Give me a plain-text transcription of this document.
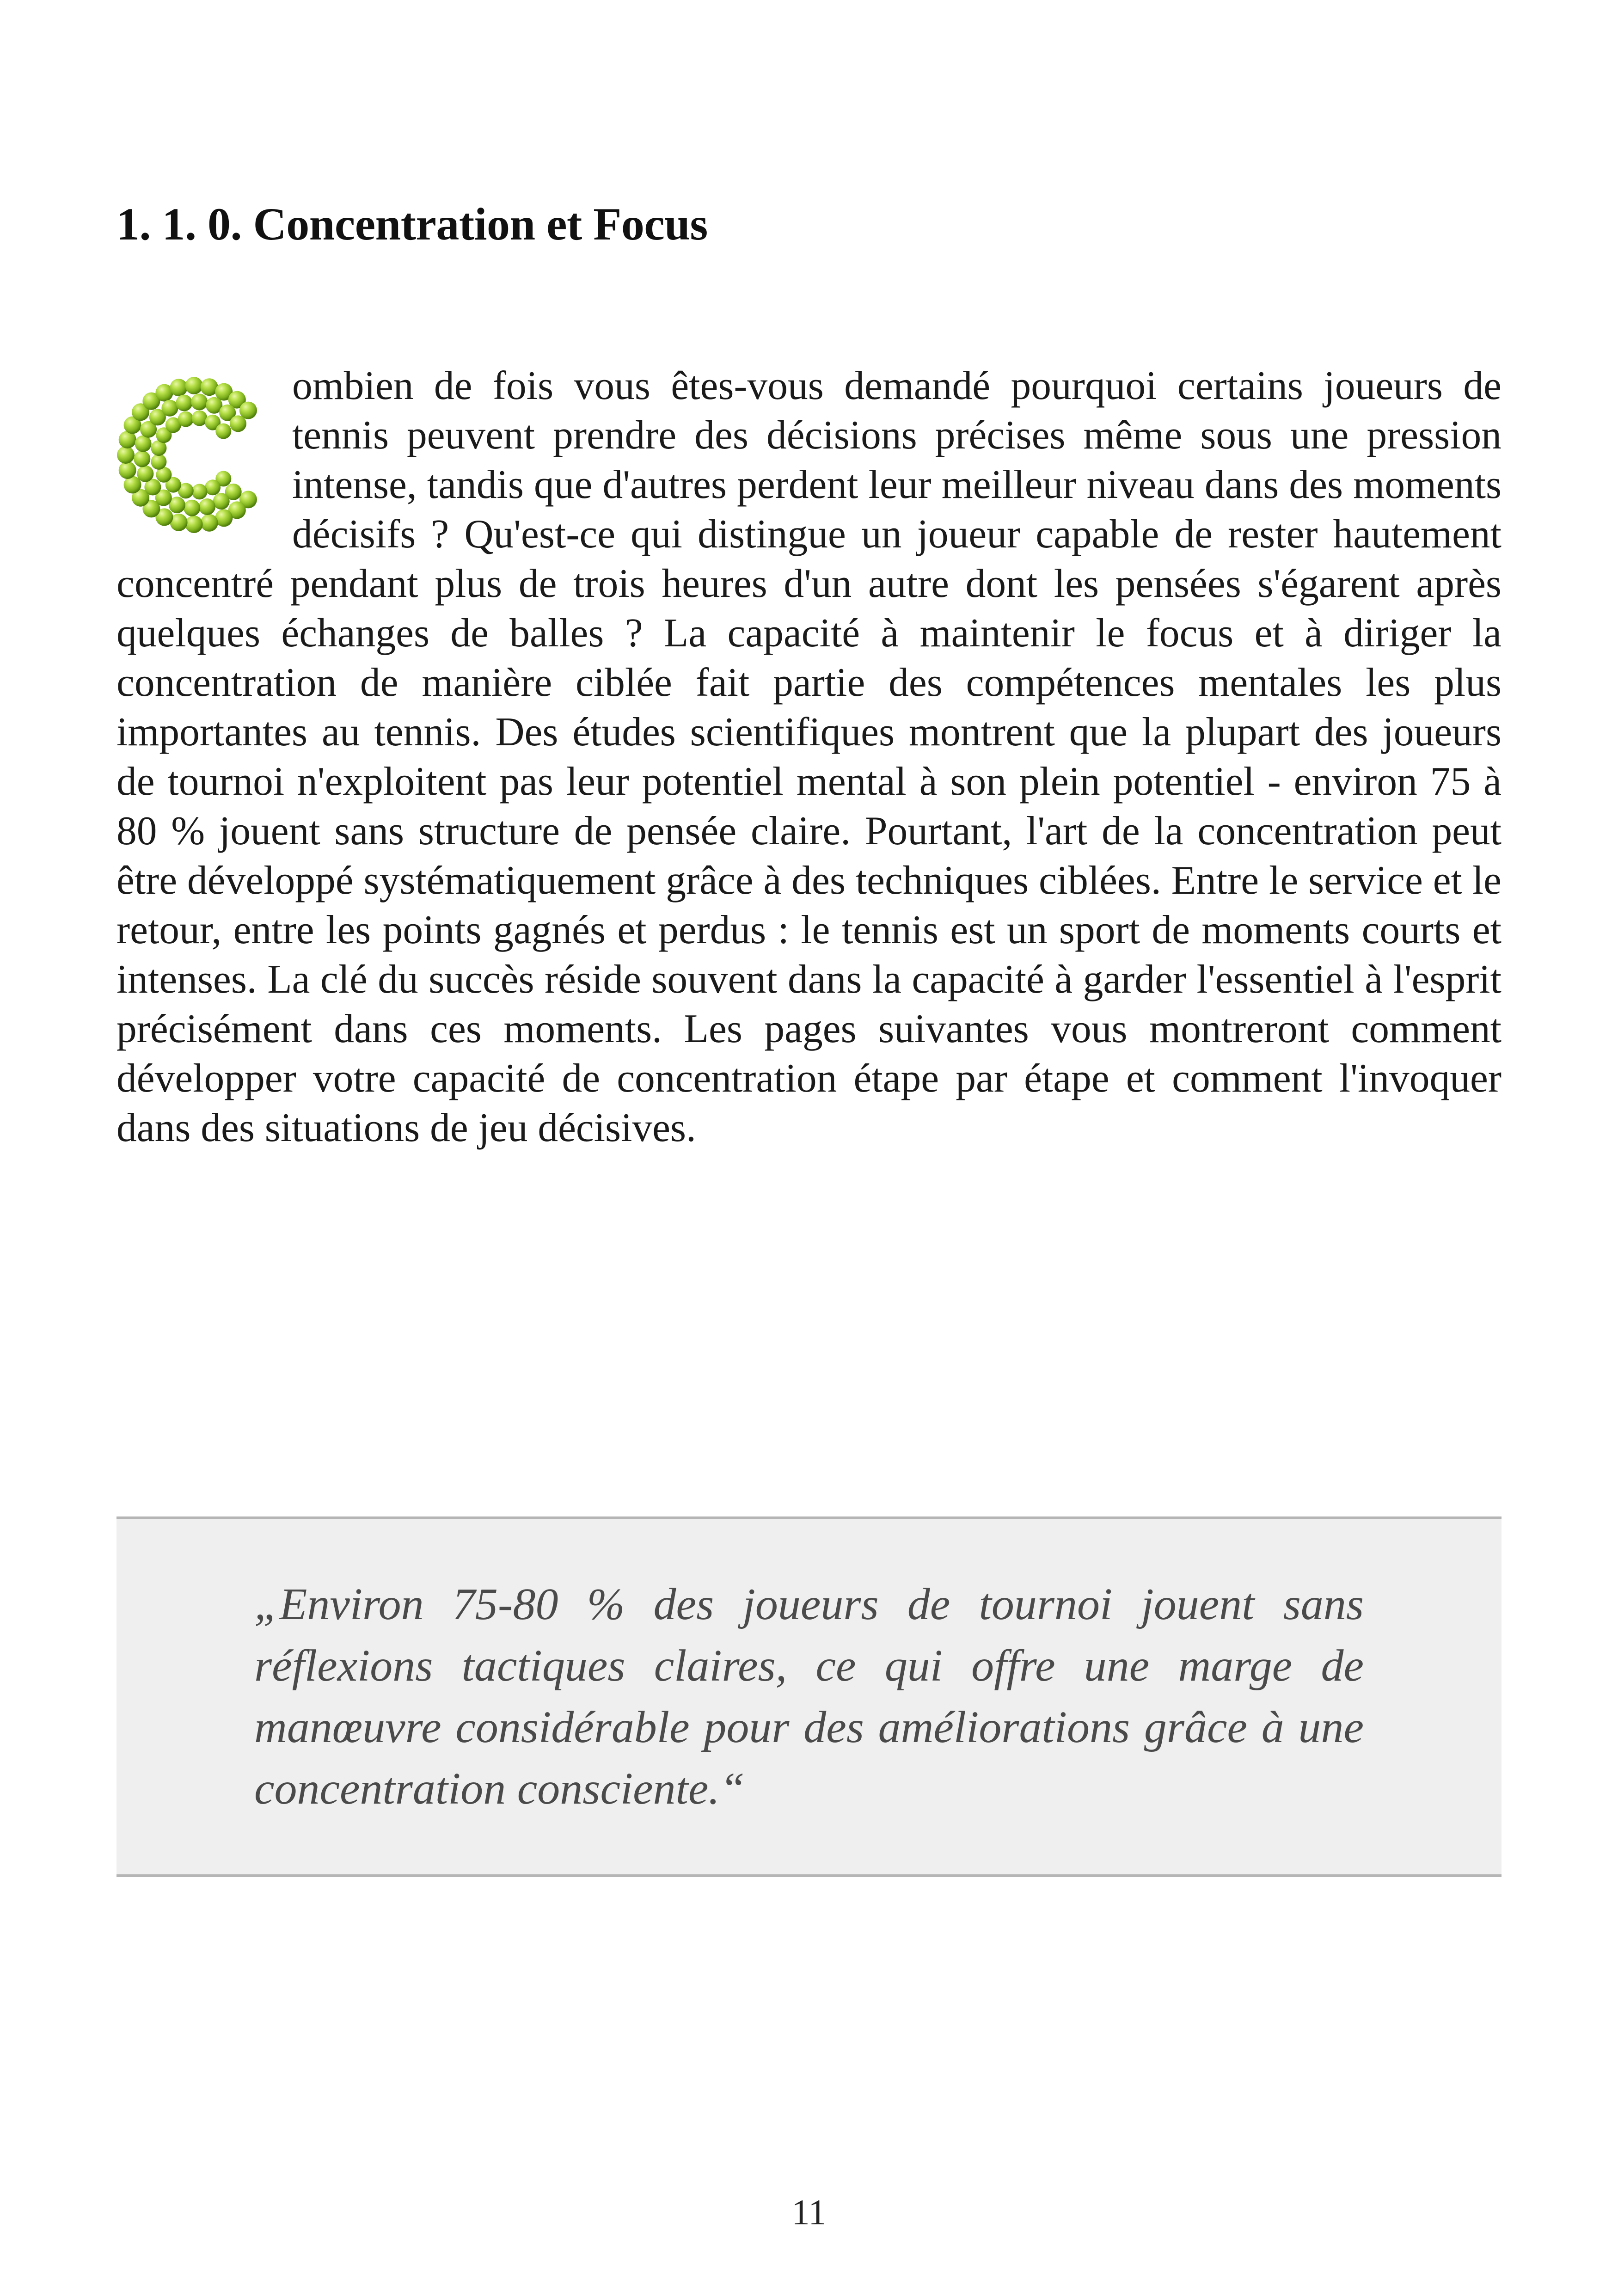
1. 1. 0. Concentration et Focus

ombien de fois vous êtes-vous demandé pourquoi certains joueurs de tennis peuvent prendre des décisions précises même sous une pression intense, tandis que d'autres perdent leur meilleur niveau dans des moments décisifs ? Qu'est-ce qui distingue un joueur capable de rester hautement concentré pendant plus de trois heures d'un autre dont les pensées s'égarent après quelques échanges de balles ? La capacité à maintenir le focus et à diriger la concentration de manière ciblée fait partie des compétences mentales les plus importantes au tennis. Des études scientifiques montrent que la plupart des joueurs de tournoi n'exploitent pas leur potentiel mental à son plein potentiel - environ 75 à 80 % jouent sans structure de pensée claire. Pourtant, l'art de la concentration peut être développé systématiquement grâce à des techniques ciblées. Entre le service et le retour, entre les points gagnés et perdus : le tennis est un sport de moments courts et intenses. La clé du succès réside souvent dans la capacité à garder l'essentiel à l'esprit précisément dans ces moments. Les pages suivantes vous montreront comment développer votre capacité de concentration étape par étape et comment l'invoquer dans des situations de jeu décisives.

„Environ 75-80 % des joueurs de tournoi jouent sans réflexions tactiques claires, ce qui offre une marge de manœuvre considérable pour des améliorations grâce à une concentration consciente.“

11
